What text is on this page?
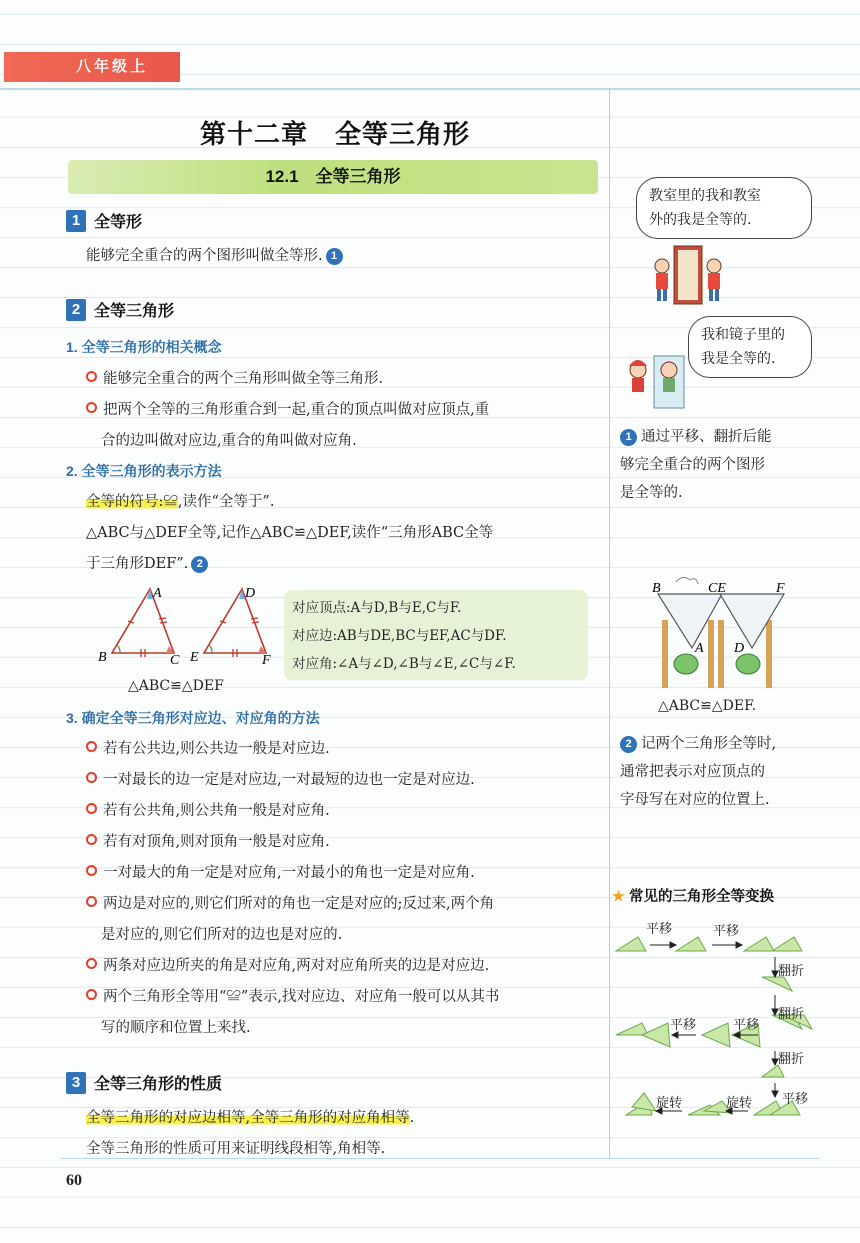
八年级上
第十二章　全等三角形
12.1　全等三角形
1 全等形
能够完全重合的两个图形叫做全等形. 1
2 全等三角形
1. 全等三角形的相关概念
能够完全重合的两个三角形叫做全等三角形.
把两个全等的三角形重合到一起,重合的顶点叫做对应顶点,重
合的边叫做对应边,重合的角叫做对应角.
2. 全等三角形的表示方法
全等的符号:≌,读作“全等于”.
△ABC与△DEF全等,记作△ABC≌△DEF,读作“三角形ABC全等
于三角形DEF”. 2
A
B	C
D
E	F
△ABC≌△DEF
对应顶点:A与D,B与E,C与F.
对应边:AB与DE,BC与EF,AC与DF.
对应角:∠A与∠D,∠B与∠E,∠C与∠F.
3. 确定全等三角形对应边、对应角的方法
若有公共边,则公共边一般是对应边.
一对最长的边一定是对应边,一对最短的边也一定是对应边.
若有公共角,则公共角一般是对应角.
若有对顶角,则对顶角一般是对应角.
一对最大的角一定是对应角,一对最小的角也一定是对应角.
两边是对应的,则它们所对的角也一定是对应的;反过来,两个角
是对应的,则它们所对的边也是对应的.
两条对应边所夹的角是对应角,两对对应角所夹的边是对应边.
两个三角形全等用“≌”表示,找对应边、对应角一般可以从其书
写的顺序和位置上来找.
3 全等三角形的性质
全等三角形的对应边相等,全等三角形的对应角相等.
全等三角形的性质可用来证明线段相等,角相等.
教室里的我和教室
外的我是全等的.
我和镜子里的
我是全等的.
1 通过平移、翻折后能
够完全重合的两个图形
是全等的.
B	CE	F
A D
△ABC≌△DEF.
2 记两个三角形全等时,
通常把表示对应顶点的
字母写在对应的位置上.
★ 常见的三角形全等变换
平移	平移
翻折
翻折
平移	平移
翻折
旋转	旋转 平移
60
